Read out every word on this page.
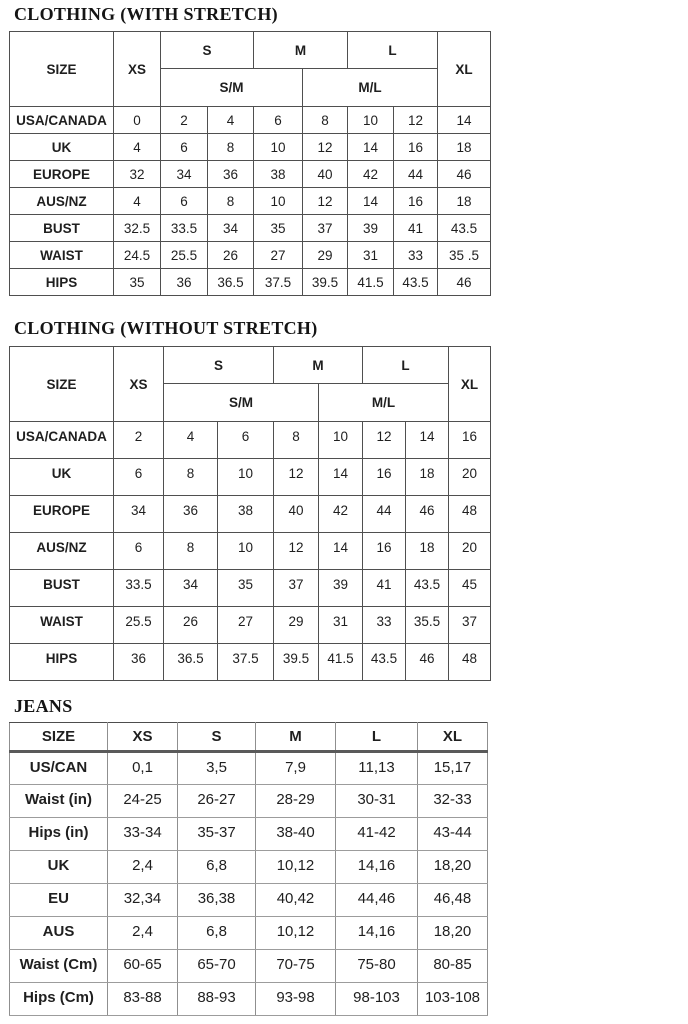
CLOTHING (WITH STRETCH)
SIZE	XS	S		M		L		XL
		S/M			M/L			
USA/CANADA	0	2	4	6	8	10	12	14
UK	4	6	8	10	12	14	16	18
EUROPE	32	34	36	38	40	42	44	46
AUS/NZ	4	6	8	10	12	14	16	18
BUST	32.5	33.5	34	35	37	39	41	43.5
WAIST	24.5	25.5	26	27	29	31	33	35 .5
HIPS	35	36	36.5	37.5	39.5	41.5	43.5	46
CLOTHING (WITHOUT STRETCH)
SIZE	XS	S		M		L		XL
		S/M			M/L			
USA/CANADA	2	4	6	8	10	12	14	16
UK	6	8	10	12	14	16	18	20
EUROPE	34	36	38	40	42	44	46	48
AUS/NZ	6	8	10	12	14	16	18	20
BUST	33.5	34	35	37	39	41	43.5	45
WAIST	25.5	26	27	29	31	33	35.5	37
HIPS	36	36.5	37.5	39.5	41.5	43.5	46	48
JEANS
SIZE	XS	S	M	L	XL
US/CAN	0,1	3,5	7,9	11,13	15,17
Waist (in)	24-25	26-27	28-29	30-31	32-33
Hips (in)	33-34	35-37	38-40	41-42	43-44
UK	2,4	6,8	10,12	14,16	18,20
EU	32,34	36,38	40,42	44,46	46,48
AUS	2,4	6,8	10,12	14,16	18,20
Waist (Cm)	60-65	65-70	70-75	75-80	80-85
Hips (Cm)	83-88	88-93	93-98	98-103	103-108
